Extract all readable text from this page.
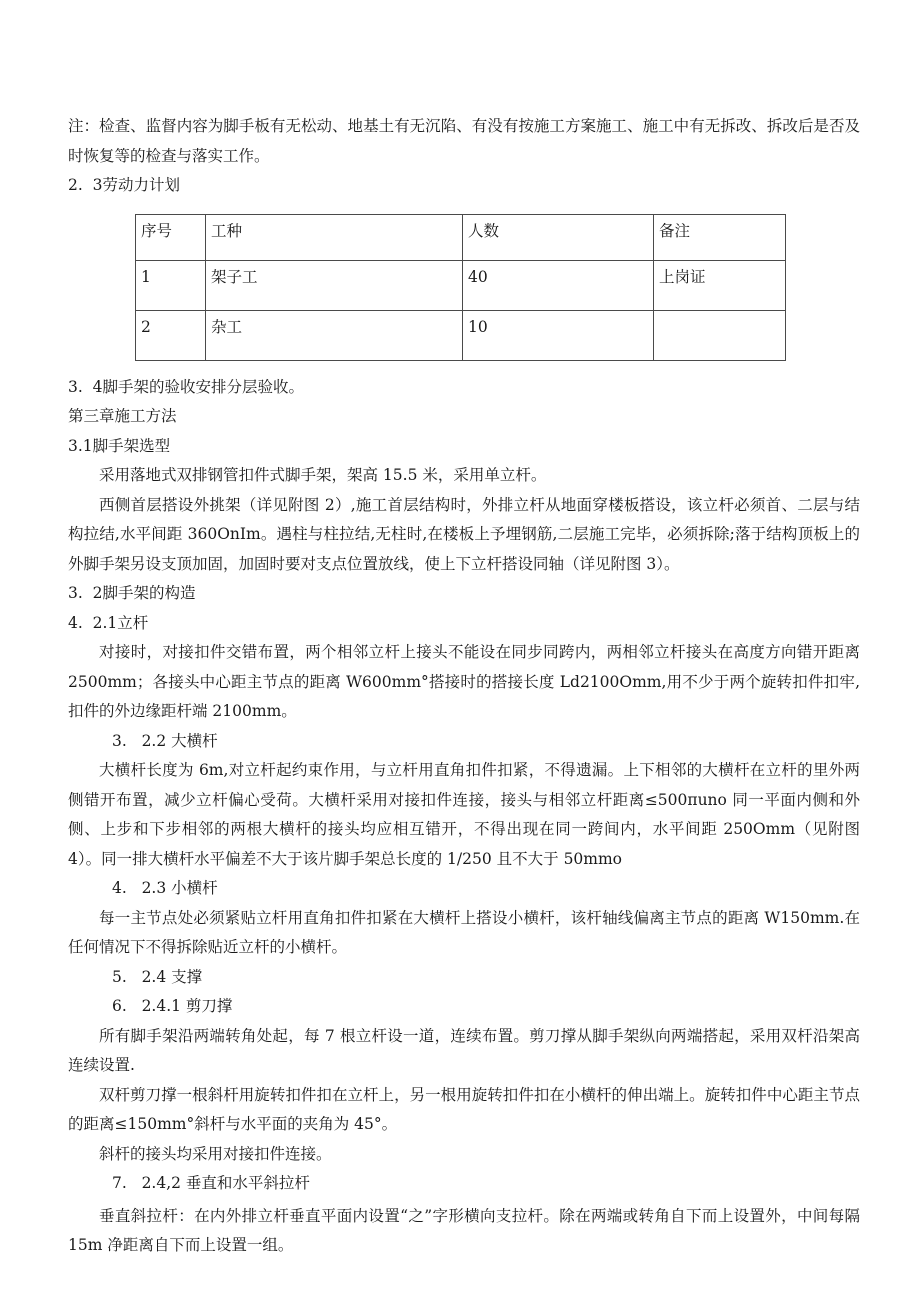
注：检查、监督内容为脚手板有无松动、地基土有无沉陷、有没有按施工方案施工、施工中有无拆改、拆改后是否及时恢复等的检查与落实工作。

2.  3劳动力计划

序号	工种	人数	备注
1	架子工	40	上岗证
2	杂工	10	

3.  4脚手架的验收安排分层验收。

第三章施工方法

3.1脚手架选型

采用落地式双排钢管扣件式脚手架，架高 15.5 米，采用单立杆。

西侧首层搭设外挑架（详见附图 2）,施工首层结构时，外排立杆从地面穿楼板搭设，该立杆必须首、二层与结构拉结,水平间距 360OnIm。遇柱与柱拉结,无柱时,在楼板上予埋钢筋,二层施工完毕，必须拆除;落于结构顶板上的外脚手架另设支顶加固，加固时要对支点位置放线，使上下立杆搭设同轴（详见附图 3）。

3.  2脚手架的构造

4.  2.1立杆

对接时，对接扣件交错布置，两个相邻立杆上接头不能设在同步同跨内，两相邻立杆接头在高度方向错开距离 2500mm；各接头中心距主节点的距离 W600mm°搭接时的搭接长度 Ld2100Omm,用不少于两个旋转扣件扣牢, 扣件的外边缘距杆端 2100mm。

3.   2.2 大横杆

大横杆长度为 6m,对立杆起约束作用，与立杆用直角扣件扣紧，不得遗漏。上下相邻的大横杆在立杆的里外两侧错开布置，减少立杆偏心受荷。大横杆采用对接扣件连接，接头与相邻立杆距离≤500πuno 同一平面内侧和外侧、上步和下步相邻的两根大横杆的接头均应相互错开，不得出现在同一跨间内，水平间距 250Omm（见附图 4）。同一排大横杆水平偏差不大于该片脚手架总长度的 1/250 且不大于 50mmo

4.   2.3 小横杆

每一主节点处必须紧贴立杆用直角扣件扣紧在大横杆上搭设小横杆，该杆轴线偏离主节点的距离 W150mm.在任何情况下不得拆除贴近立杆的小横杆。

5.   2.4 支撑

6.   2.4.1 剪刀撑

所有脚手架沿两端转角处起，每 7 根立杆设一道，连续布置。剪刀撑从脚手架纵向两端搭起，采用双杆沿架高连续设置.

双杆剪刀撑一根斜杆用旋转扣件扣在立杆上，另一根用旋转扣件扣在小横杆的伸出端上。旋转扣件中心距主节点的距离≤150mm°斜杆与水平面的夹角为 45°。

斜杆的接头均采用对接扣件连接。

7.   2.4,2 垂直和水平斜拉杆

垂直斜拉杆：在内外排立杆垂直平面内设置“之”字形横向支拉杆。除在两端或转角自下而上设置外，中间每隔 15m 净距离自下而上设置一组。
